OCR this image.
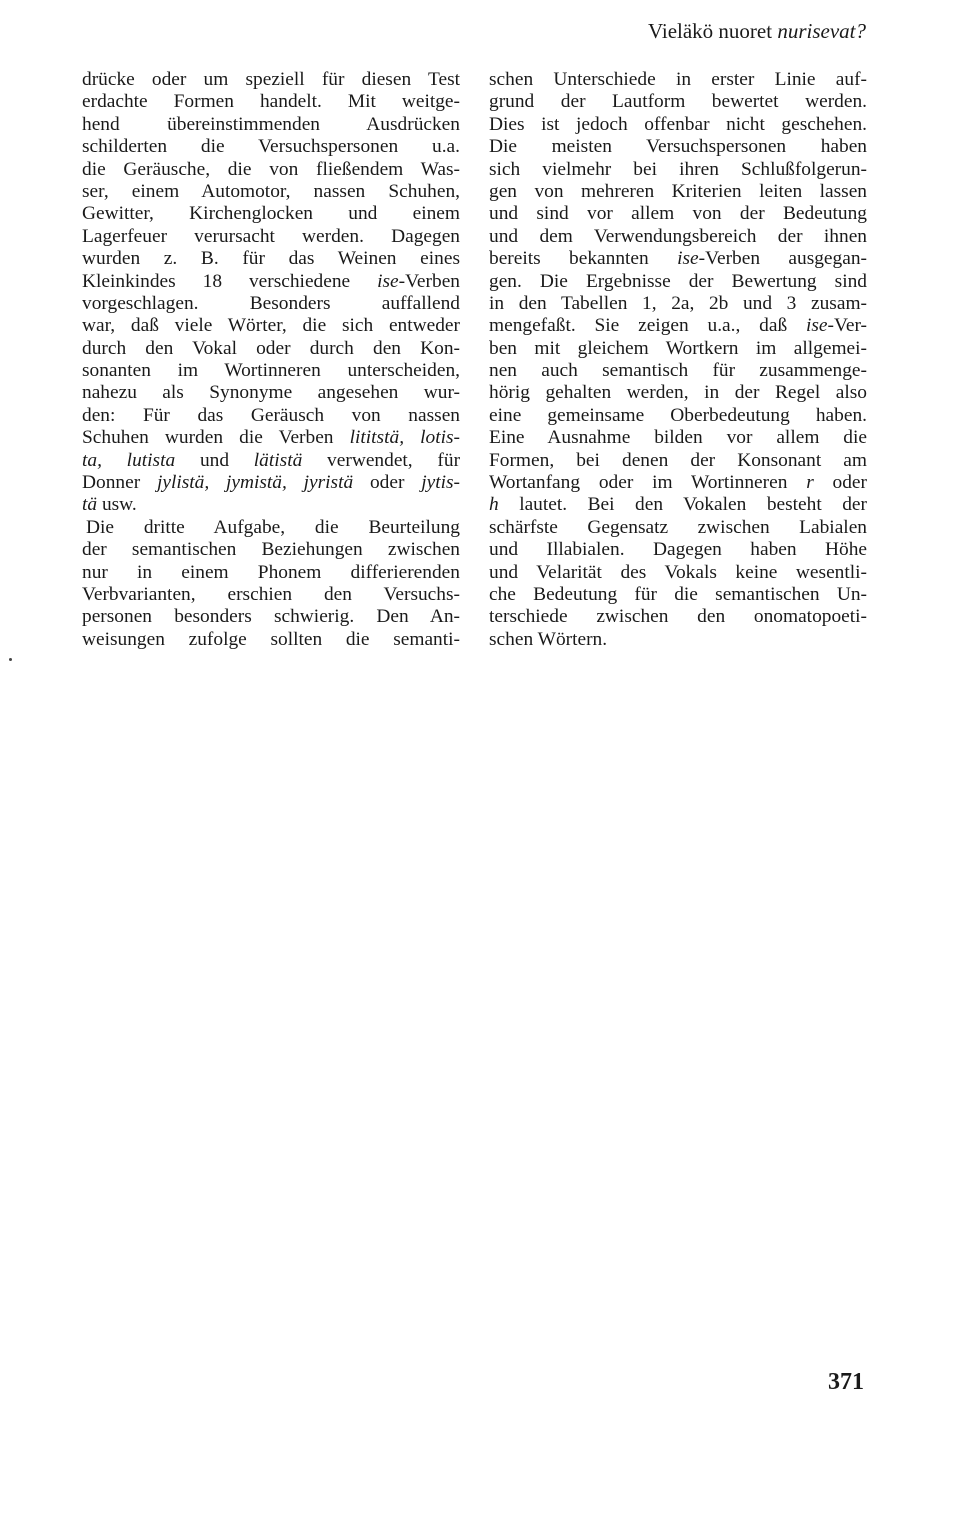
Vieläkö nuoret nurisevat?
drücke oder um speziell für diesen Test
erdachte Formen handelt. Mit weitge-
hend übereinstimmenden Ausdrücken
schilderten die Versuchspersonen u.a.
die Geräusche, die von fließendem Was-
ser, einem Automotor, nassen Schuhen,
Gewitter, Kirchenglocken und einem
Lagerfeuer verursacht werden. Dagegen
wurden z. B. für das Weinen eines
Kleinkindes 18 verschiedene ise-Verben
vorgeschlagen. Besonders auffallend
war, daß viele Wörter, die sich entweder
durch den Vokal oder durch den Kon-
sonanten im Wortinneren unterscheiden,
nahezu als Synonyme angesehen wur-
den: Für das Geräusch von nassen
Schuhen wurden die Verben lititstä, lotis-
ta, lutista und lätistä verwendet, für
Donner jylistä, jymistä, jyristä oder jytis-
tä usw.
Die dritte Aufgabe, die Beurteilung
der semantischen Beziehungen zwischen
nur in einem Phonem differierenden
Verbvarianten, erschien den Versuchs-
personen besonders schwierig. Den An-
weisungen zufolge sollten die semanti-
schen Unterschiede in erster Linie auf-
grund der Lautform bewertet werden.
Dies ist jedoch offenbar nicht geschehen.
Die meisten Versuchspersonen haben
sich vielmehr bei ihren Schlußfolgerun-
gen von mehreren Kriterien leiten lassen
und sind vor allem von der Bedeutung
und dem Verwendungsbereich der ihnen
bereits bekannten ise-Verben ausgegan-
gen. Die Ergebnisse der Bewertung sind
in den Tabellen 1, 2a, 2b und 3 zusam-
mengefaßt. Sie zeigen u.a., daß ise-Ver-
ben mit gleichem Wortkern im allgemei-
nen auch semantisch für zusammenge-
hörig gehalten werden, in der Regel also
eine gemeinsame Oberbedeutung haben.
Eine Ausnahme bilden vor allem die
Formen, bei denen der Konsonant am
Wortanfang oder im Wortinneren r oder
h lautet. Bei den Vokalen besteht der
schärfste Gegensatz zwischen Labialen
und Illabialen. Dagegen haben Höhe
und Velarität des Vokals keine wesentli-
che Bedeutung für die semantischen Un-
terschiede zwischen den onomatopoeti-
schen Wörtern.
371
